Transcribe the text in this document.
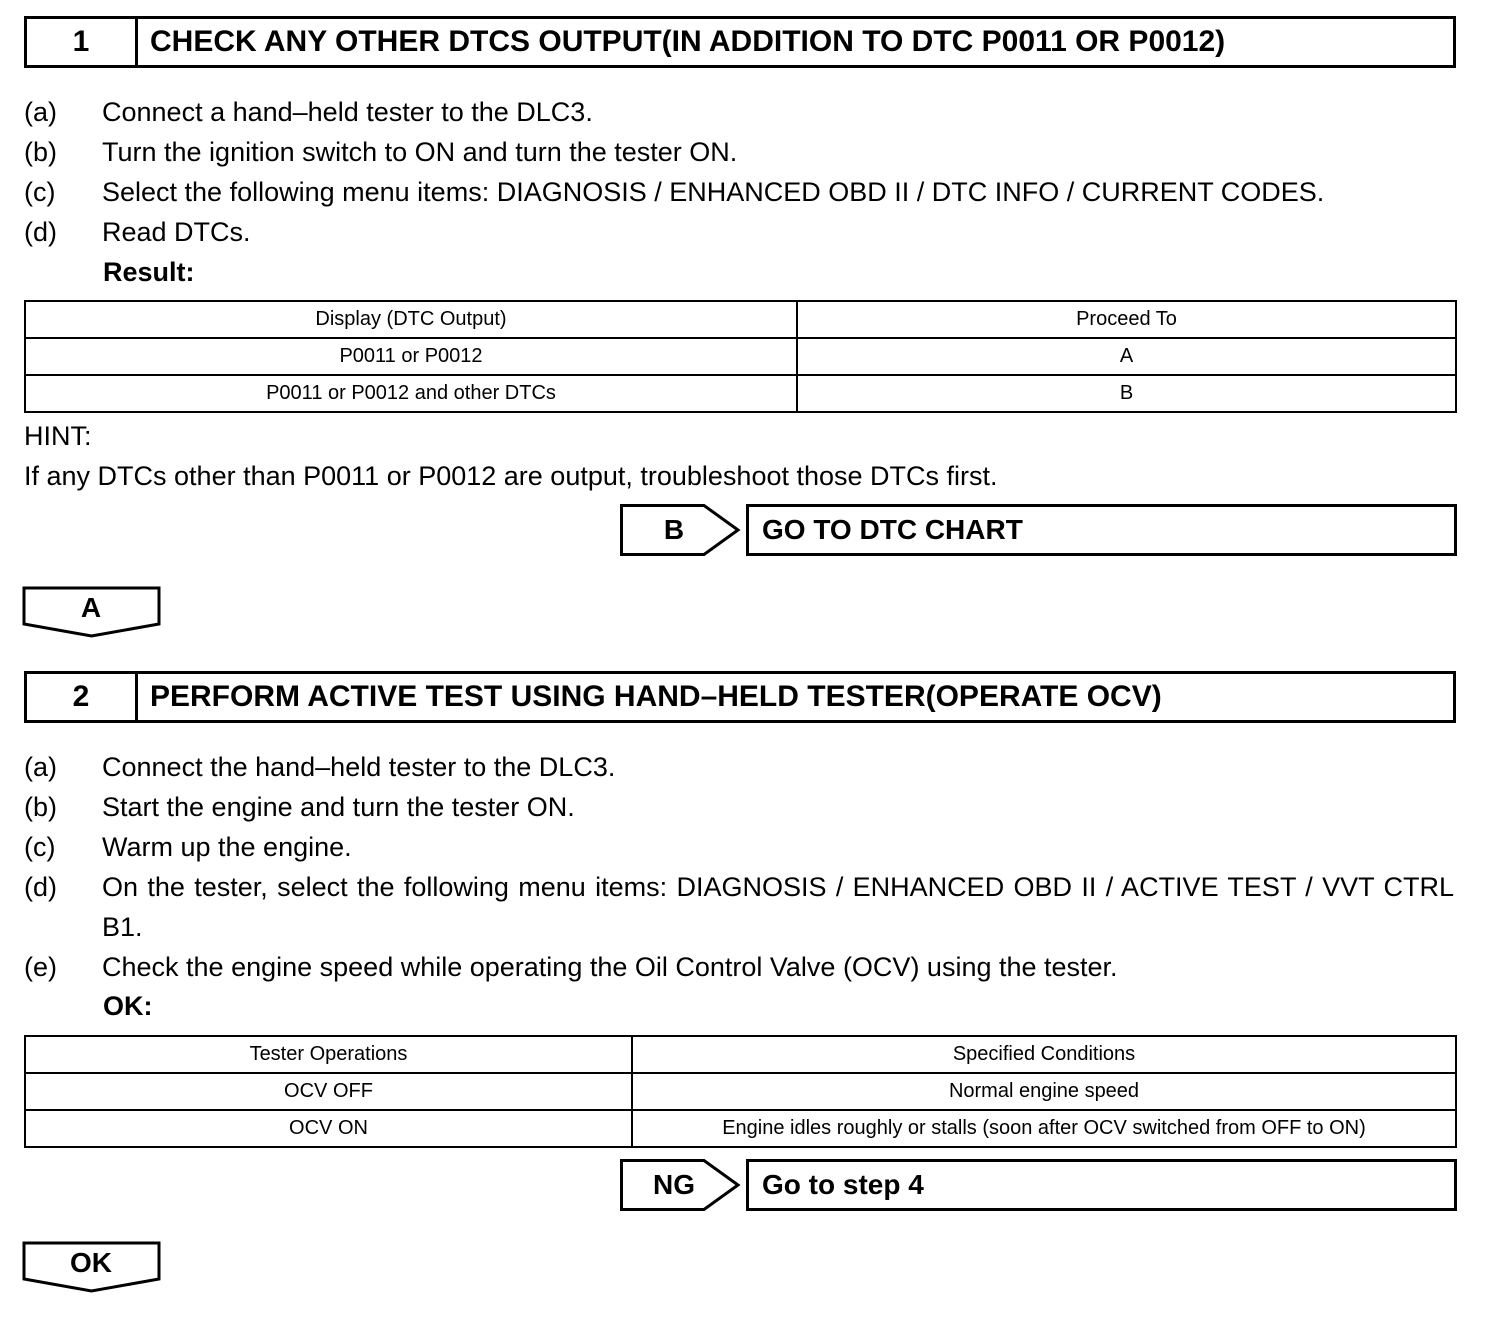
1	CHECK ANY OTHER DTCS OUTPUT(IN ADDITION TO DTC P0011 OR P0012)
(a)	Connect a hand–held tester to the DLC3.
(b)	Turn the ignition switch to ON and turn the tester ON.
(c)	Select the following menu items: DIAGNOSIS / ENHANCED OBD II / DTC INFO / CURRENT CODES.
(d)	Read DTCs.
Result:
Display (DTC Output)	Proceed To
P0011 or P0012	A
P0011 or P0012 and other DTCs	B
HINT:
If any DTCs other than P0011 or P0012 are output, troubleshoot those DTCs first.
B	GO TO DTC CHART
A
2	PERFORM ACTIVE TEST USING HAND–HELD TESTER(OPERATE OCV)
(a)	Connect the hand–held tester to the DLC3.
(b)	Start the engine and turn the tester ON.
(c)	Warm up the engine.
(d)	On the tester, select the following menu items: DIAGNOSIS / ENHANCED OBD II / ACTIVE TEST / VVT CTRL B1.
(e)	Check the engine speed while operating the Oil Control Valve (OCV) using the tester.
OK:
Tester Operations	Specified Conditions
OCV OFF	Normal engine speed
OCV ON	Engine idles roughly or stalls (soon after OCV switched from OFF to ON)
NG	Go to step 4
OK
